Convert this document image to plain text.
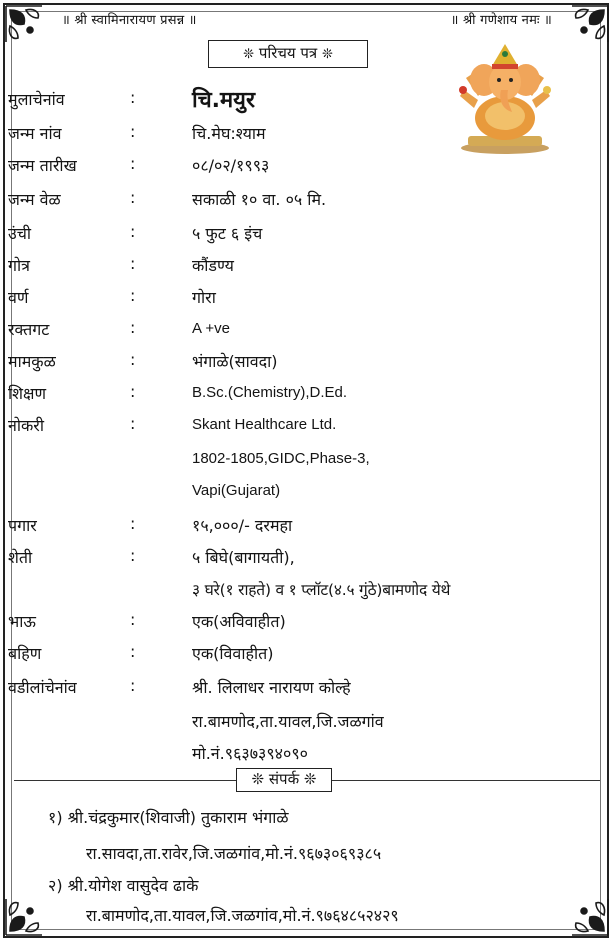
॥ श्री स्वामिनारायण प्रसन्न ॥	॥ श्री गणेशाय नमः ॥
❊ परिचय पत्र ❊
मुलाचेनांव	:	चि.मयुर
जन्म नांव	:	चि.मेघ:श्याम
जन्म तारीख	:	०८/०२/१९९३
जन्म वेळ	:	सकाळी १० वा. ०५ मि.
उंची	:	५ फुट ६ इंच
गोत्र	:	कौंडण्य
वर्ण	:	गोरा
रक्तगट	:	A +ve
मामकुळ	:	भंगाळे(सावदा)
शिक्षण	:	B.Sc.(Chemistry),D.Ed.
नोकरी	:	Skant Healthcare Ltd.
1802-1805,GIDC,Phase-3,
Vapi(Gujarat)
पगार	:	१५,०००/- दरमहा
शेती	:	५ बिघे(बागायती),
३ घरे(१ राहते) व १ प्लॉट(४.५ गुंठे)बामणोद येथे
भाऊ	:	एक(अविवाहीत)
बहिण	:	एक(विवाहीत)
वडीलांचेनांव	:	श्री. लिलाधर नारायण कोल्हे
रा.बामणोद,ता.यावल,जि.जळगांव
मो.नं.९६३७३९४०९०
❊ संपर्क ❊
१) श्री.चंद्रकुमार(शिवाजी) तुकाराम भंगाळे
रा.सावदा,ता.रावेर,जि.जळगांव,मो.नं.९६७३०६९३८५
२) श्री.योगेश वासुदेव ढाके
रा.बामणोद,ता.यावल,जि.जळगांव,मो.नं.९७६४८५२४२९
